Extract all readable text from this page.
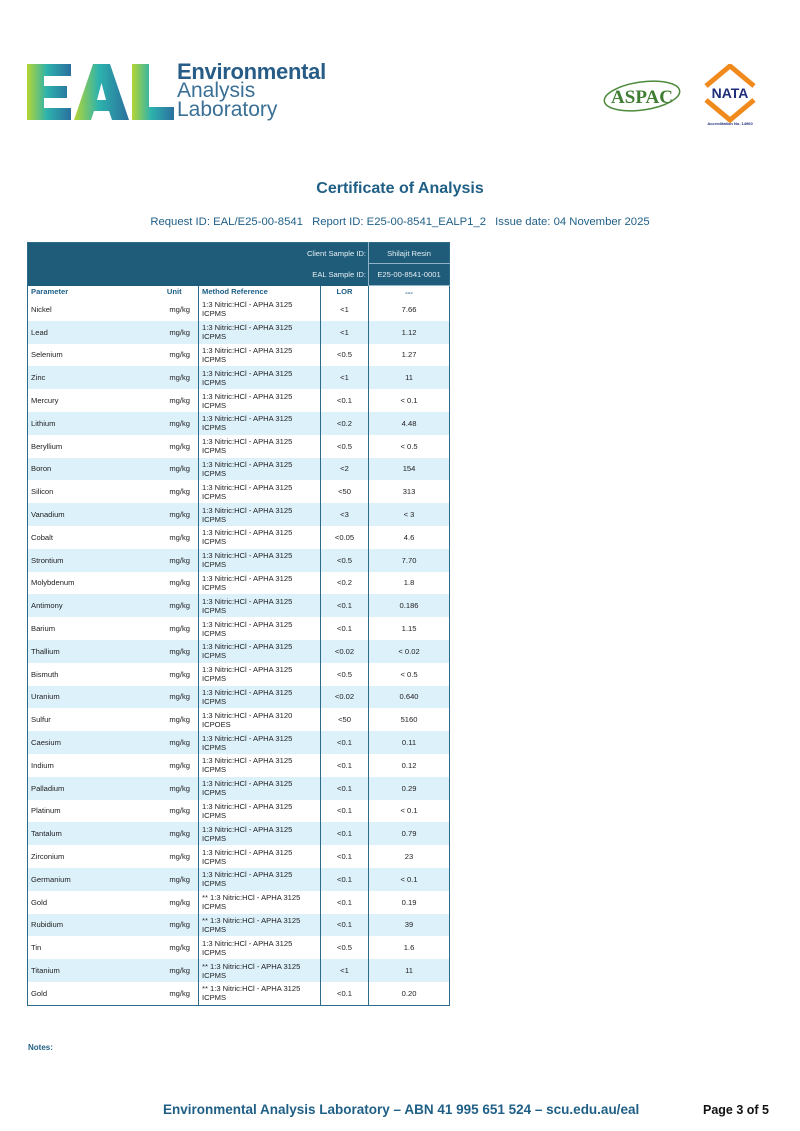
Environmental
Analysis
Laboratory
ASPAC	NATA
Accreditation No. 14960
Certificate of Analysis
Request ID: EAL/E25-00-8541 Report ID: E25-00-8541_EALP1_2 Issue date: 04 November 2025
Client Sample ID:				Shilajit Resin
EAL Sample ID:				E25-00-8541-0001
Parameter	Unit	Method Reference	LOR	---
Nickel	mg/kg	1:3 Nitric:HCl - APHA 3125
ICPMS	<1	7.66
Lead	mg/kg	1:3 Nitric:HCl - APHA 3125
ICPMS	<1	1.12
Selenium	mg/kg	1:3 Nitric:HCl - APHA 3125
ICPMS	<0.5	1.27
Zinc	mg/kg	1:3 Nitric:HCl - APHA 3125
ICPMS	<1	11
Mercury	mg/kg	1:3 Nitric:HCl - APHA 3125
ICPMS	<0.1	< 0.1
Lithium	mg/kg	1:3 Nitric:HCl - APHA 3125
ICPMS	<0.2	4.48
Beryllium	mg/kg	1:3 Nitric:HCl - APHA 3125
ICPMS	<0.5	< 0.5
Boron	mg/kg	1:3 Nitric:HCl - APHA 3125
ICPMS	<2	154
Silicon	mg/kg	1:3 Nitric:HCl - APHA 3125
ICPMS	<50	313
Vanadium	mg/kg	1:3 Nitric:HCl - APHA 3125
ICPMS	<3	< 3
Cobalt	mg/kg	1:3 Nitric:HCl - APHA 3125
ICPMS	<0.05	4.6
Strontium	mg/kg	1:3 Nitric:HCl - APHA 3125
ICPMS	<0.5	7.70
Molybdenum	mg/kg	1:3 Nitric:HCl - APHA 3125
ICPMS	<0.2	1.8
Antimony	mg/kg	1:3 Nitric:HCl - APHA 3125
ICPMS	<0.1	0.186
Barium	mg/kg	1:3 Nitric:HCl - APHA 3125
ICPMS	<0.1	1.15
Thallium	mg/kg	1:3 Nitric:HCl - APHA 3125
ICPMS	<0.02	< 0.02
Bismuth	mg/kg	1:3 Nitric:HCl - APHA 3125
ICPMS	<0.5	< 0.5
Uranium	mg/kg	1:3 Nitric:HCl - APHA 3125
ICPMS	<0.02	0.640
Sulfur	mg/kg	1:3 Nitric:HCl - APHA 3120
ICPOES	<50	5160
Caesium	mg/kg	1:3 Nitric:HCl - APHA 3125
ICPMS	<0.1	0.11
Indium	mg/kg	1:3 Nitric:HCl - APHA 3125
ICPMS	<0.1	0.12
Palladium	mg/kg	1:3 Nitric:HCl - APHA 3125
ICPMS	<0.1	0.29
Platinum	mg/kg	1:3 Nitric:HCl - APHA 3125
ICPMS	<0.1	< 0.1
Tantalum	mg/kg	1:3 Nitric:HCl - APHA 3125
ICPMS	<0.1	0.79
Zirconium	mg/kg	1:3 Nitric:HCl - APHA 3125
ICPMS	<0.1	23
Germanium	mg/kg	1:3 Nitric:HCl - APHA 3125
ICPMS	<0.1	< 0.1
Gold	mg/kg	** 1:3 Nitric:HCl - APHA 3125
ICPMS	<0.1	0.19
Rubidium	mg/kg	** 1:3 Nitric:HCl - APHA 3125
ICPMS	<0.1	39
Tin	mg/kg	1:3 Nitric:HCl - APHA 3125
ICPMS	<0.5	1.6
Titanium	mg/kg	** 1:3 Nitric:HCl - APHA 3125
ICPMS	<1	11
Gold	mg/kg	** 1:3 Nitric:HCl - APHA 3125
ICPMS	<0.1	0.20
Notes:
Environmental Analysis Laboratory – ABN 41 995 651 524 – scu.edu.au/eal	Page 3 of 5
